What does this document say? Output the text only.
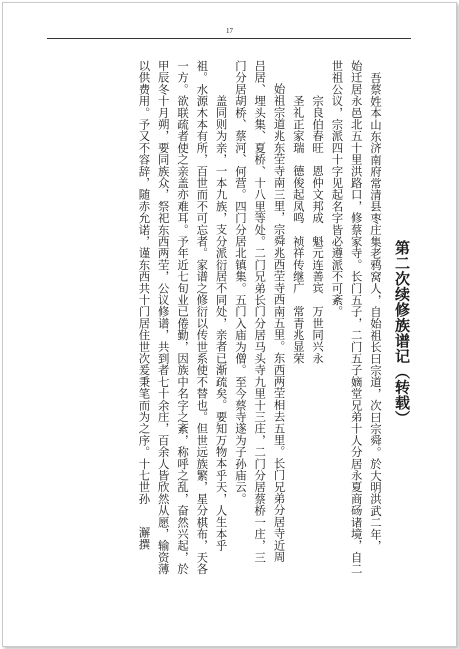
17
第二次续修族谱记（转载）
吾蔡姓本山东济南府常清县枣庄集老鸦窝人，自始祖长曰宗道，次曰宗舜。於大明洪武二年，
始迁居永邑北五十里洪路口，修蔡家寺。长门五子，二门五子嫡堂兄弟十人分居永夏商砀诸境，自二
世祖公议，宗派四十字见起名字皆必遵派不可紊。
宗良伯春旺　恩仲文邦成　魁元连善宾　万世同兴永
圣礼正家瑞　德俊起凤鸣　祯祥传继广　常青兆显荣
始祖宗道兆东茔寺南三里，宗舜兆西茔寺西南五里。东西两茔相去五里。长门兄弟分居寺近周
吕居、埋头集、夏桥、十八里等处。二门兄弟长门分居马头寺九里十三庄，二门分居蔡桥一庄，三
门分居胡桥、蔡河、何营。四门分居北镇集。五门入庙为僧。至今蔡寺遂为子孙庙云。
盖同则为亲，一本九族，支分派衍居不同处，亲者已渐疏矣。要知万物本乎天，人生本乎
祖。水源木本有所，百世而不可忘者。家谱之修衍以传世系使不替也。但世远族繁，星分棋布，天各
一方。欲联疏者使之亲盖亦难耳。予年近七旬业已倦勤，因族中名字之紊，称呼之乱，奋然兴起，於
甲辰冬十月朔，要同族众，祭祀东西两茔，公议修谱，共到者七十余庄，百余人皆欣然从愿，输资薄
以供费用。予又不容辞，随赤允诺，谨东西共十门居住世次爰秉笔而为之序。十七世孙澥撰
